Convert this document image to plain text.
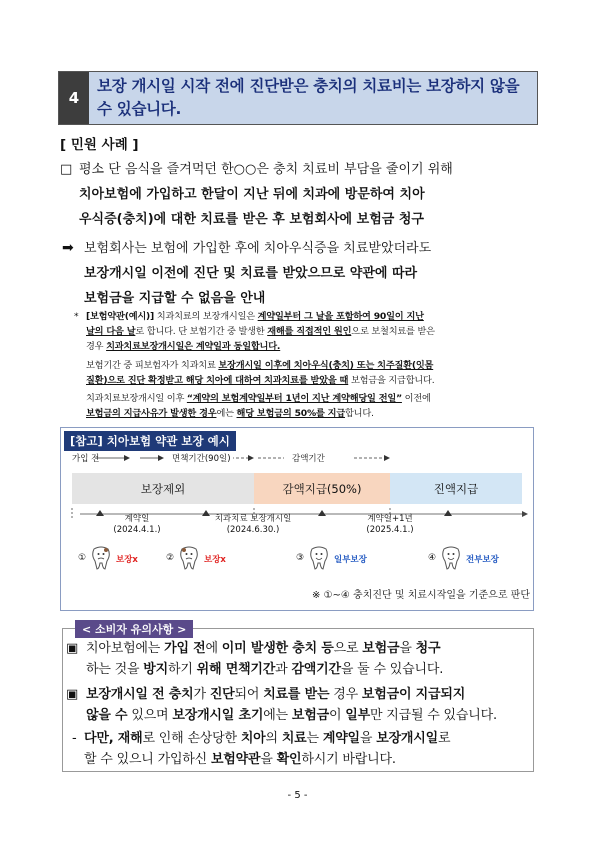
4
보장 개시일 시작 전에 진단받은 충치의 치료비는 보장하지 않을 수 있습니다.
[ 민원 사례 ]
□ 평소 단 음식을 즐겨먹던 한○○은 충치 치료비 부담을 줄이기 위해
치아보험에 가입하고 한달이 지난 뒤에 치과에 방문하여 치아
우식증(충치)에 대한 치료를 받은 후 보험회사에 보험금 청구
➡ 보험회사는 보험에 가입한 후에 치아우식증을 치료받았더라도
보장개시일 이전에 진단 및 치료를 받았으므로 약관에 따라
보험금을 지급할 수 없음을 안내
* [보험약관(예시)] 치과치료의 보장개시일은 계약일부터 그 날을 포함하여 90일이 지난
날의 다음 날로 합니다. 단 보험기간 중 발생한 재해를 직접적인 원인으로 보철치료를 받은
경우 치과치료보장개시일은 계약일과 동일합니다.
보험기간 중 피보험자가 치과치료 보장개시일 이후에 치아우식(충치) 또는 치주질환(잇몸
질환)으로 진단 확정받고 해당 치아에 대하여 치과치료를 받았을 때 보험금을 지급합니다.
치과치료보장개시일 이후 “계약의 보험계약일부터 1년이 지난 계약해당일 전일” 이전에
보험금의 지급사유가 발생한 경우에는 해당 보험금의 50%를 지급합니다.
[참고] 치아보험 약관 보장 예시
가입 전	면책기간(90일)	감액기간
보장제외	감액지급(50%)	진액지급
계약일
(2024.4.1.)
치과치료 보장개시일
(2024.6.30.)
계약일+1년
(2025.4.1.)
①	보장x	②	보장x	③	일부보장	④	전부보장
※ ①~④ 충치진단 및 치료시작일을 기준으로 판단
< 소비자 유의사항 >
▣ 치아보험에는 가입 전에 이미 발생한 충치 등으로 보험금을 청구
하는 것을 방지하기 위해 면책기간과 감액기간을 둘 수 있습니다.
▣ 보장개시일 전 충치가 진단되어 치료를 받는 경우 보험금이 지급되지
않을 수 있으며 보장개시일 초기에는 보험금이 일부만 지급될 수 있습니다.
- 다만, 재해로 인해 손상당한 치아의 치료는 계약일을 보장개시일로
할 수 있으니 가입하신 보험약관을 확인하시기 바랍니다.
- 5 -
